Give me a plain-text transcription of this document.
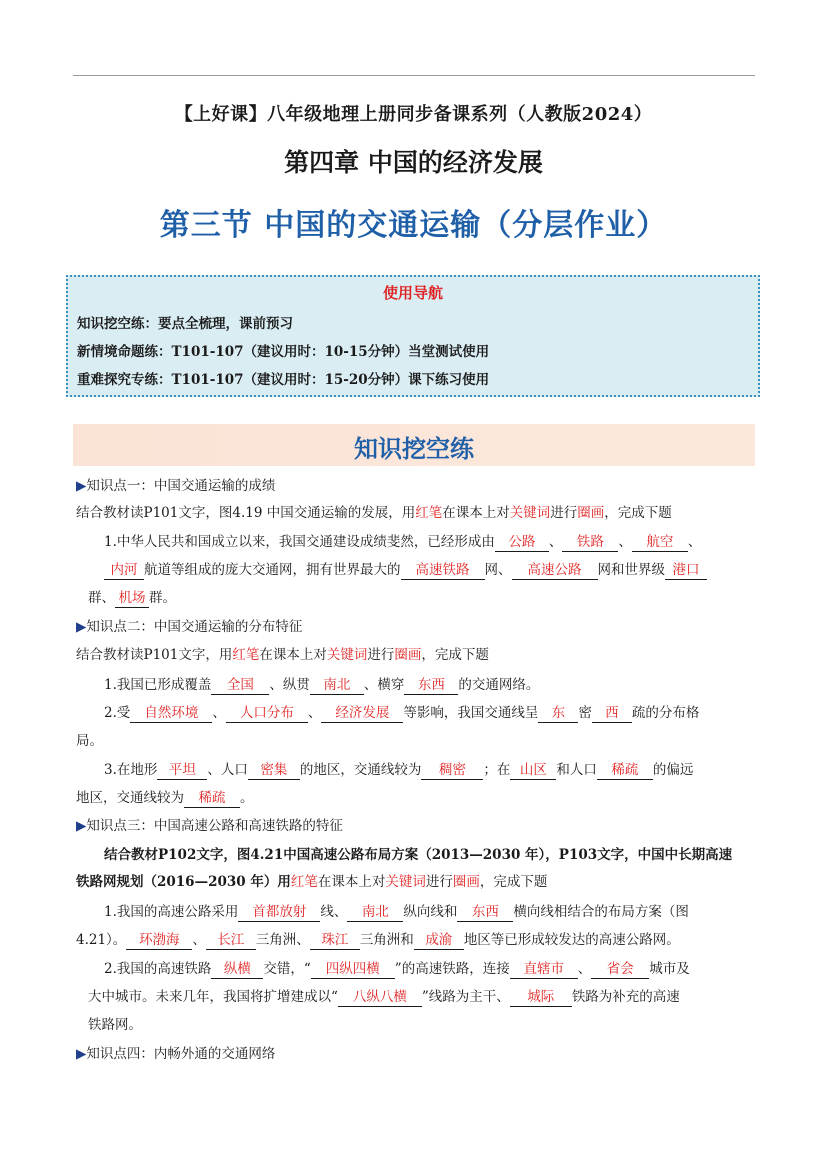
【上好课】八年级地理上册同步备课系列（人教版2024）
第四章 中国的经济发展
第三节 中国的交通运输（分层作业）
使用导航
知识挖空练：要点全梳理，课前预习
新情境命题练：T101-107（建议用时：10-15分钟）当堂测试使用
重难探究专练：T101-107（建议用时：15-20分钟）课下练习使用
知识挖空练
▶知识点一：中国交通运输的成绩
结合教材读P101文字，图4.19 中国交通运输的发展，用红笔在课本上对关键词进行圈画，完成下题
1.中华人民共和国成立以来，我国交通建设成绩斐然，已经形成由 公路 、 铁路 、 航空 、
内河 航道等组成的庞大交通网，拥有世界最大的 高速铁路 网、 高速公路 网和世界级 港口
群、 机场 群。
▶知识点二：中国交通运输的分布特征
结合教材读P101文字，用红笔在课本上对关键词进行圈画，完成下题
1.我国已形成覆盖 全国 、纵贯 南北 、横穿 东西 的交通网络。
2.受 自然环境 、 人口分布 、 经济发展 等影响，我国交通线呈 东 密 西 疏的分布格
局。
3.在地形 平坦 、人口 密集 的地区，交通线较为 稠密 ；在 山区 和人口 稀疏 的偏远
地区，交通线较为 稀疏 。
▶知识点三：中国高速公路和高速铁路的特征
结合教材P102文字，图4.21中国高速公路布局方案（2013—2030 年），P103文字，中国中长期高速
铁路网规划（2016—2030 年）用红笔在课本上对关键词进行圈画，完成下题
1.我国的高速公路采用 首都放射 线、 南北 纵向线和 东西 横向线相结合的布局方案（图
4.21）。 环渤海 、 长江 三角洲、 珠江 三角洲和 成渝 地区等已形成较发达的高速公路网。
2.我国的高速铁路 纵横 交错，“ 四纵四横 ”的高速铁路，连接 直辖市 、 省会 城市及
大中城市。未来几年，我国将扩增建成以“ 八纵八横 ”线路为主干、 城际 铁路为补充的高速
铁路网。
▶知识点四：内畅外通的交通网络
